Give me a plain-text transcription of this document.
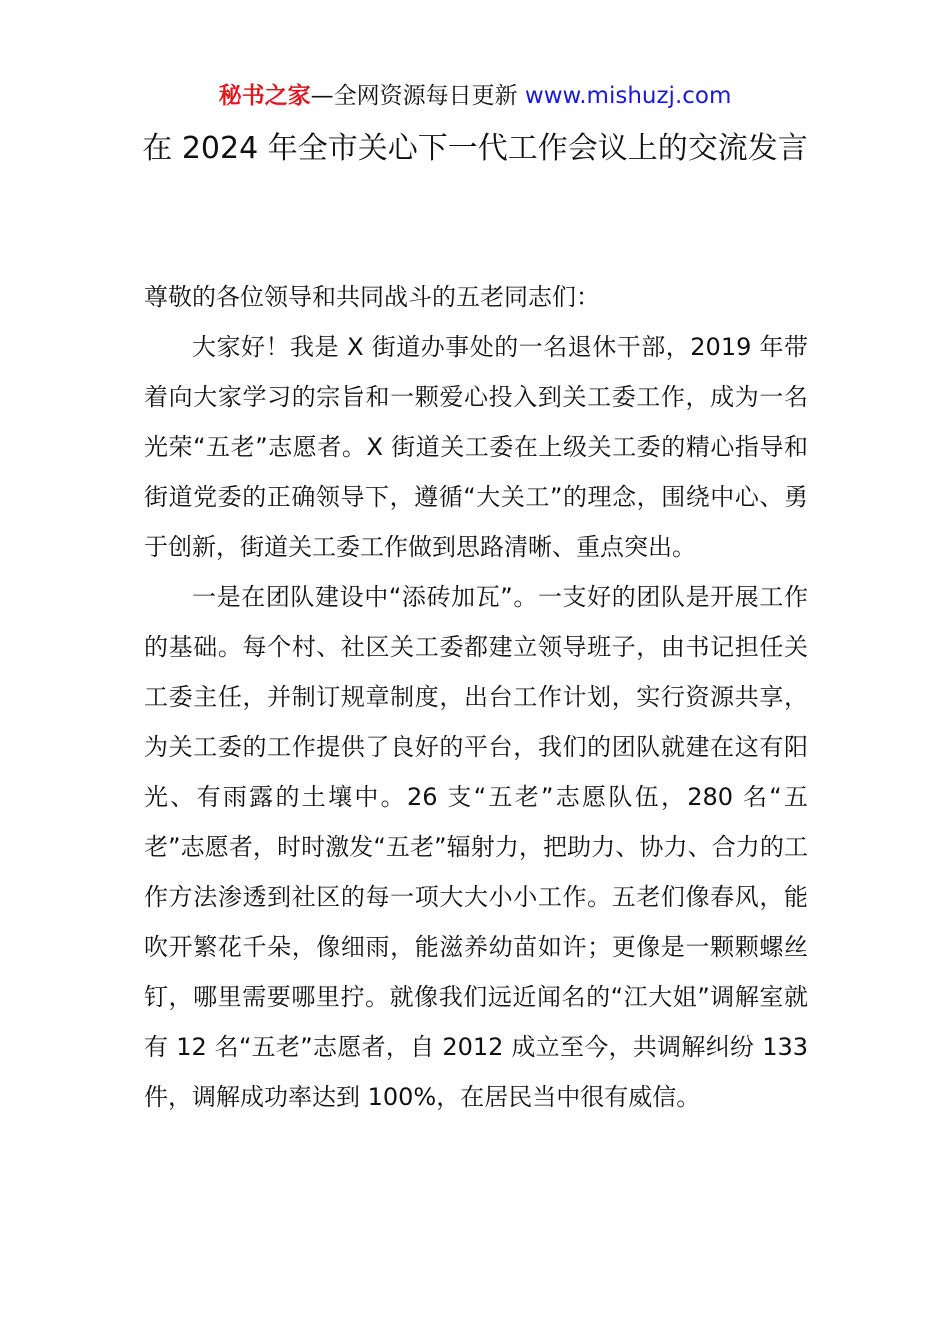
秘书之家—全网资源每日更新 www.mishuzj.com
在 2024 年全市关心下一代工作会议上的交流发言

尊敬的各位领导和共同战斗的五老同志们：

大家好！我是 X 街道办事处的一名退休干部，2019 年带着向大家学习的宗旨和一颗爱心投入到关工委工作，成为一名光荣“五老”志愿者。X 街道关工委在上级关工委的精心指导和街道党委的正确领导下，遵循“大关工”的理念，围绕中心、勇于创新，街道关工委工作做到思路清晰、重点突出。

一是在团队建设中“添砖加瓦”。一支好的团队是开展工作的基础。每个村、社区关工委都建立领导班子，由书记担任关工委主任，并制订规章制度，出台工作计划，实行资源共享，为关工委的工作提供了良好的平台，我们的团队就建在这有阳光、有雨露的土壤中。26 支“五老”志愿队伍，280 名“五老”志愿者，时时激发“五老”辐射力，把助力、协力、合力的工作方法渗透到社区的每一项大大小小工作。五老们像春风，能吹开繁花千朵，像细雨，能滋养幼苗如许；更像是一颗颗螺丝钉，哪里需要哪里拧。就像我们远近闻名的“江大姐”调解室就有 12 名“五老”志愿者，自 2012 成立至今，共调解纠纷 133 件，调解成功率达到 100%，在居民当中很有威信。
